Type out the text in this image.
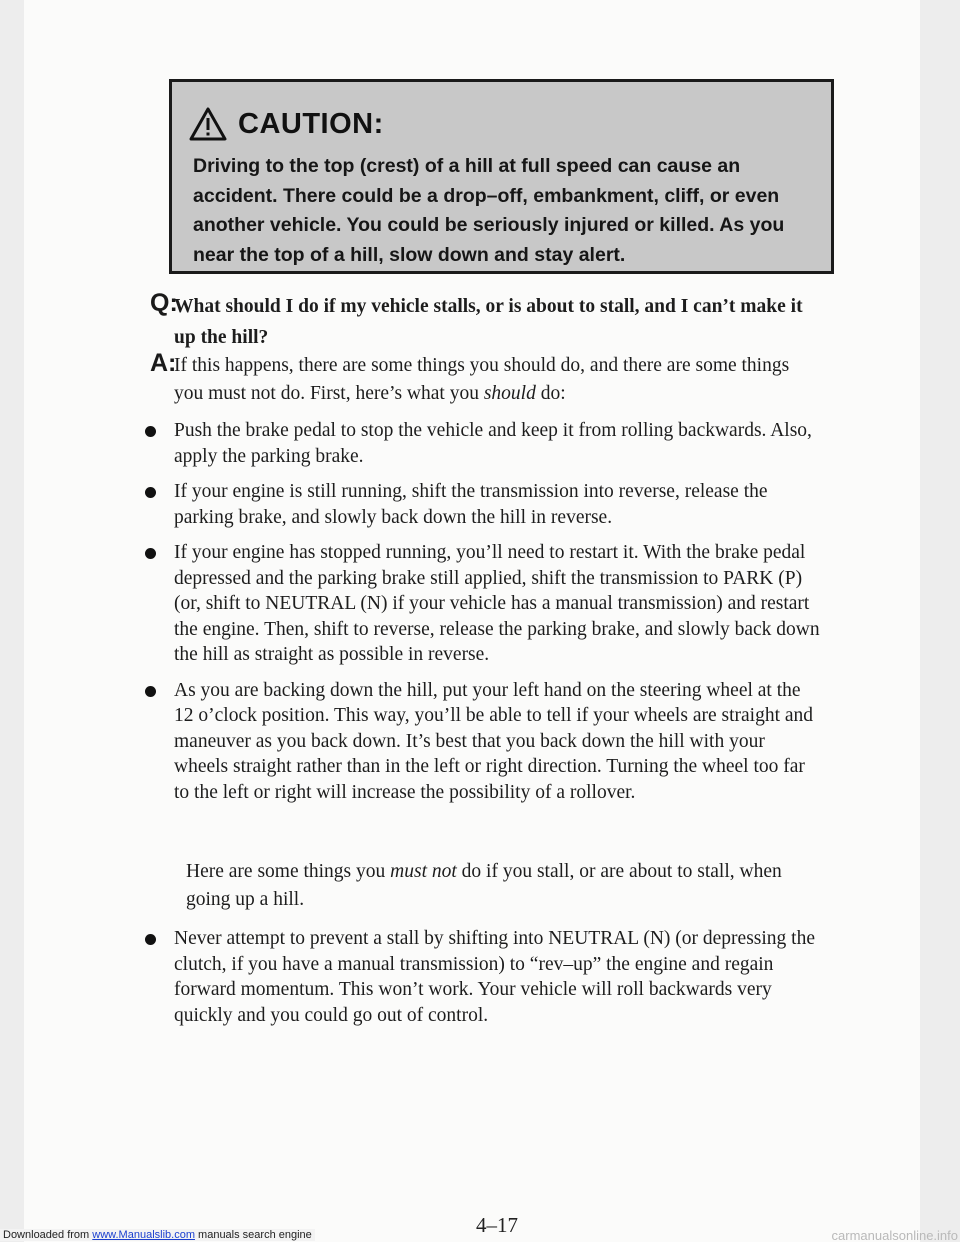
CAUTION:
Driving to the top (crest) of a hill at full speed can cause an accident. There could be a drop–off, embankment, cliff, or even another vehicle. You could be seriously injured or killed. As you near the top of a hill, slow down and stay alert.
Q:
What should I do if my vehicle stalls, or is about to stall, and I can’t make it up the hill?
A:
If this happens, there are some things you should do, and there are some things you must not do. First, here’s what you should do:
Push the brake pedal to stop the vehicle and keep it from rolling backwards. Also, apply the parking brake.
If your engine is still running, shift the transmission into reverse, release the parking brake, and slowly back down the hill in reverse.
If your engine has stopped running, you’ll need to restart it. With the brake pedal depressed and the parking brake still applied, shift the transmission to PARK (P) (or, shift to NEUTRAL (N) if your vehicle has a manual transmission) and restart the engine. Then, shift to reverse, release the parking brake, and slowly back down the hill as straight as possible in reverse.
As you are backing down the hill, put your left hand on the steering wheel at the 12 o’clock position. This way, you’ll be able to tell if your wheels are straight and maneuver as you back down. It’s best that you back down the hill with your wheels straight rather than in the left or right direction. Turning the wheel too far to the left or right will increase the possibility of a rollover.
Here are some things you must not do if you stall, or are about to stall, when going up a hill.
Never attempt to prevent a stall by shifting into NEUTRAL (N) (or depressing the clutch, if you have a manual transmission) to “rev–up” the engine and regain forward momentum. This won’t work. Your vehicle will roll backwards very quickly and you could go out of control.
4–17
Downloaded from www.Manualslib.com manuals search engine	carmanualsonline.info
